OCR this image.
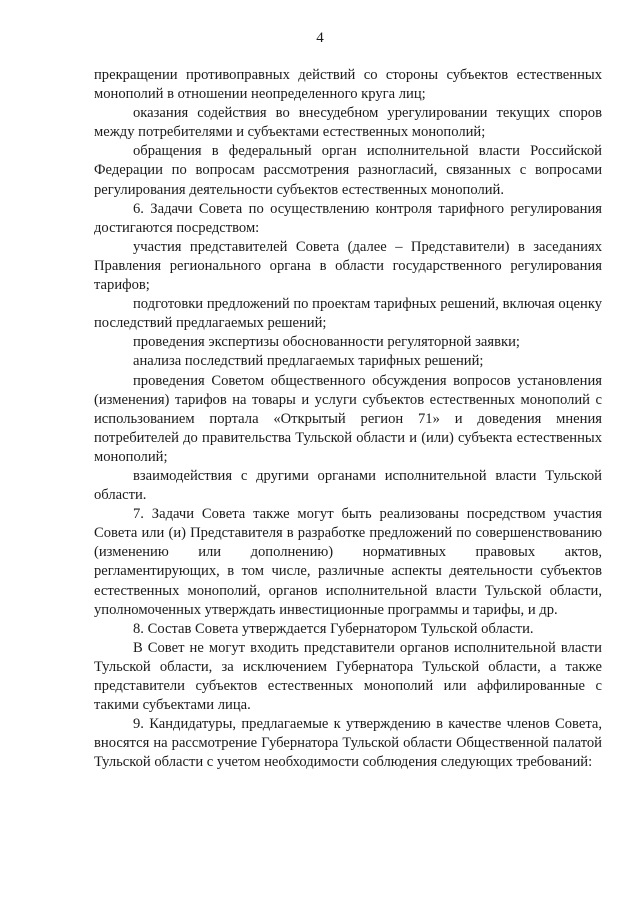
4

прекращении противоправных действий со стороны субъектов естественных монополий в отношении неопределенного круга лиц;

оказания содействия во внесудебном урегулировании текущих споров между потребителями и субъектами естественных монополий;

обращения в федеральный орган исполнительной власти Российской Федерации по вопросам рассмотрения разногласий, связанных с вопросами регулирования деятельности субъектов естественных монополий.

6. Задачи Совета по осуществлению контроля тарифного регулирования достигаются посредством:

участия представителей Совета (далее – Представители) в заседаниях Правления регионального органа в области государственного регулирования тарифов;

подготовки предложений по проектам тарифных решений, включая оценку последствий предлагаемых решений;

проведения экспертизы обоснованности регуляторной заявки;

анализа последствий предлагаемых тарифных решений;

проведения Советом общественного обсуждения вопросов установления (изменения) тарифов на товары и услуги субъектов естественных монополий с использованием портала «Открытый регион 71» и доведения мнения потребителей до правительства Тульской области и (или) субъекта естественных монополий;

взаимодействия с другими органами исполнительной власти Тульской области.

7. Задачи Совета также могут быть реализованы посредством участия Совета или (и) Представителя в разработке предложений по совершенствованию (изменению или дополнению) нормативных правовых актов, регламентирующих, в том числе, различные аспекты деятельности субъектов естественных монополий, органов исполнительной власти Тульской области, уполномоченных утверждать инвестиционные программы и тарифы, и др.

8. Состав Совета утверждается Губернатором Тульской области.

В Совет не могут входить представители органов исполнительной власти Тульской области, за исключением Губернатора Тульской области, а также представители субъектов естественных монополий или аффилированные с такими субъектами лица.

9. Кандидатуры, предлагаемые к утверждению в качестве членов Совета, вносятся на рассмотрение Губернатора Тульской области Общественной палатой Тульской области с учетом необходимости соблюдения следующих требований:
